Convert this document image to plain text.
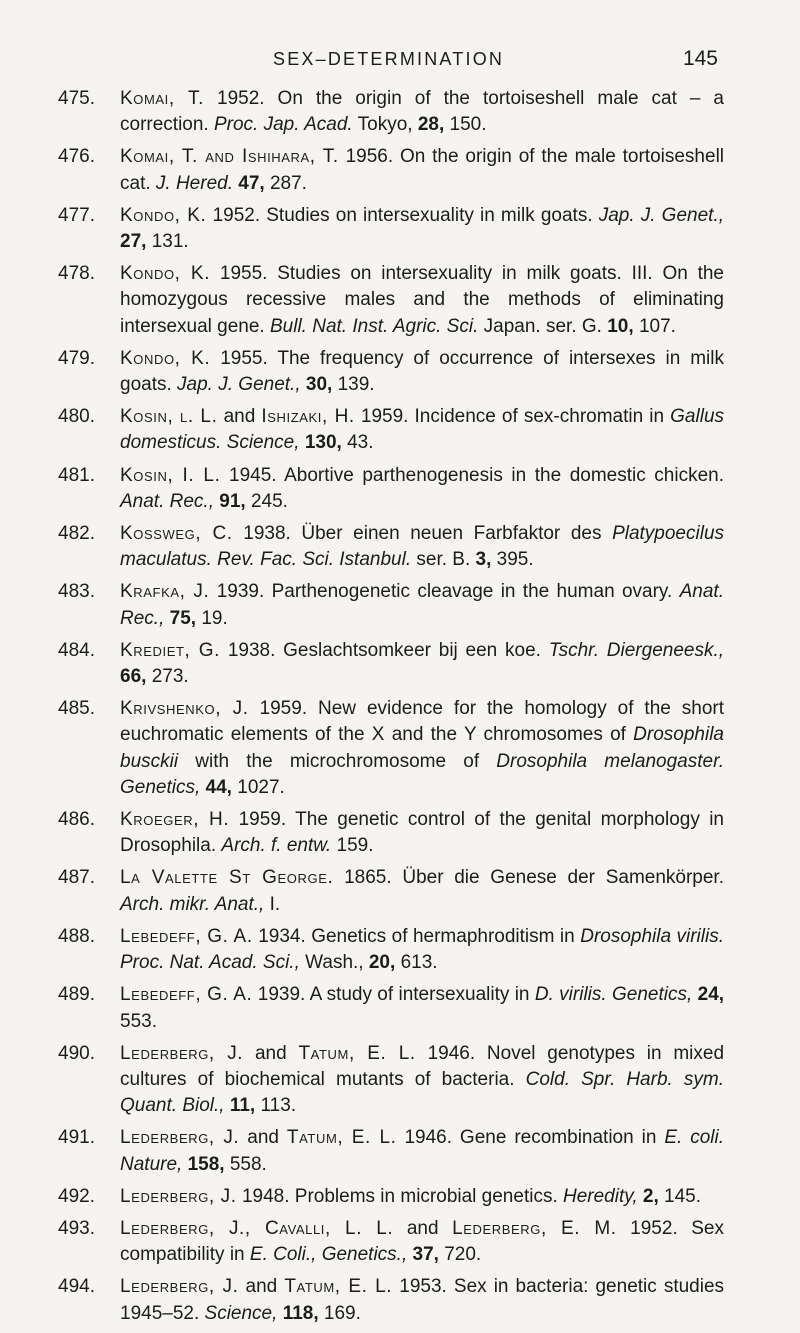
SEX–DETERMINATION	145
475. Komai, T. 1952. On the origin of the tortoiseshell male cat – a correction. Proc. Jap. Acad. Tokyo, 28, 150.
476. Komai, T. and Ishihara, T. 1956. On the origin of the male tortoiseshell cat. J. Hered. 47, 287.
477. Kondo, K. 1952. Studies on intersexuality in milk goats. Jap. J. Genet., 27, 131.
478. Kondo, K. 1955. Studies on intersexuality in milk goats. III. On the homozygous recessive males and the methods of eliminating intersexual gene. Bull. Nat. Inst. Agric. Sci. Japan. ser. G. 10, 107.
479. Kondo, K. 1955. The frequency of occurrence of intersexes in milk goats. Jap. J. Genet., 30, 139.
480. Kosin, l. L. and Ishizaki, H. 1959. Incidence of sex-chromatin in Gallus domesticus. Science, 130, 43.
481. Kosin, I. L. 1945. Abortive parthenogenesis in the domestic chicken. Anat. Rec., 91, 245.
482. Kossweg, C. 1938. Über einen neuen Farbfaktor des Platypoecilus maculatus. Rev. Fac. Sci. Istanbul. ser. B. 3, 395.
483. Krafka, J. 1939. Parthenogenetic cleavage in the human ovary. Anat. Rec., 75, 19.
484. Krediet, G. 1938. Geslachtsomkeer bij een koe. Tschr. Diergeneesk., 66, 273.
485. Krivshenko, J. 1959. New evidence for the homology of the short euchromatic elements of the X and the Y chromosomes of Drosophila busckii with the microchromosome of Drosophila melanogaster. Genetics, 44, 1027.
486. Kroeger, H. 1959. The genetic control of the genital morphology in Drosophila. Arch. f. entw. 159.
487. La Valette St George. 1865. Über die Genese der Samenkörper. Arch. mikr. Anat., I.
488. Lebedeff, G. A. 1934. Genetics of hermaphroditism in Drosophila virilis. Proc. Nat. Acad. Sci., Wash., 20, 613.
489. Lebedeff, G. A. 1939. A study of intersexuality in D. virilis. Genetics, 24, 553.
490. Lederberg, J. and Tatum, E. L. 1946. Novel genotypes in mixed cultures of biochemical mutants of bacteria. Cold. Spr. Harb. sym. Quant. Biol., 11, 113.
491. Lederberg, J. and Tatum, E. L. 1946. Gene recombination in E. coli. Nature, 158, 558.
492. Lederberg, J. 1948. Problems in microbial genetics. Heredity, 2, 145.
493. Lederberg, J., Cavalli, L. L. and Lederberg, E. M. 1952. Sex compatibility in E. Coli., Genetics., 37, 720.
494. Lederberg, J. and Tatum, E. L. 1953. Sex in bacteria: genetic studies 1945–52. Science, 118, 169.
